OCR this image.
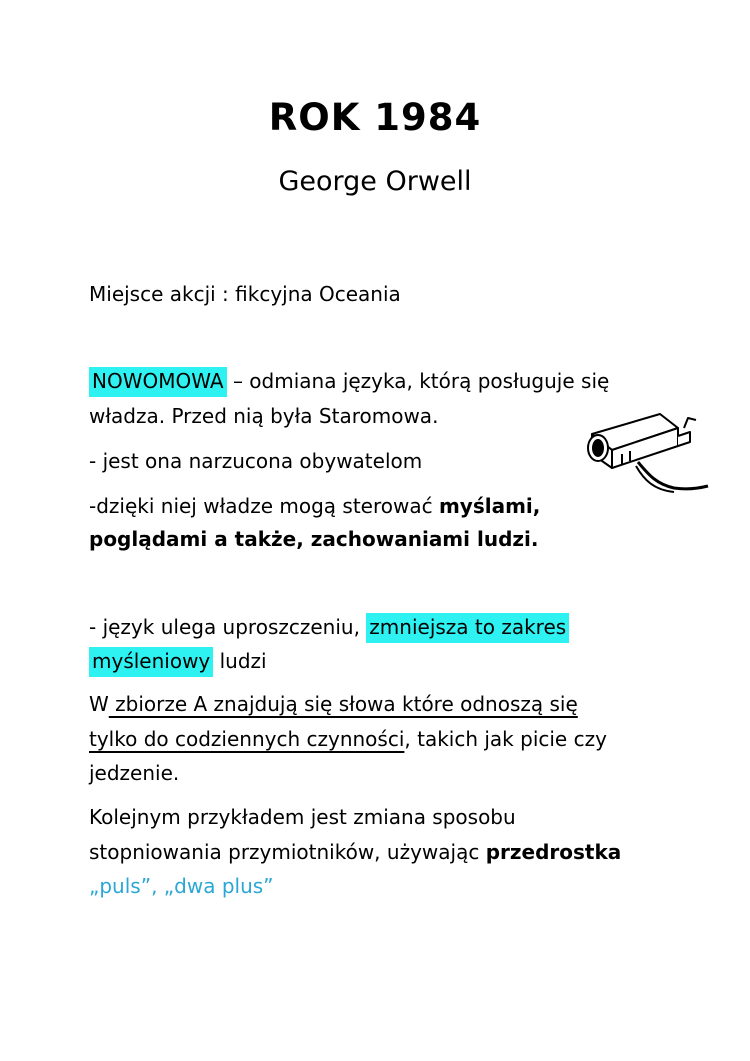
ROK 1984
George Orwell
Miejsce akcji : fikcyjna Oceania
NOWOMOWA – odmiana języka, którą posługuje się
władza. Przed nią była Staromowa.
- jest ona narzucona obywatelom
-dzięki niej władze mogą sterować myślami,
poglądami a także, zachowaniami ludzi.
- język ulega uproszczeniu, zmniejsza to zakres
myśleniowy ludzi
W zbiorze A znajdują się słowa które odnoszą się
tylko do codziennych czynności, takich jak picie czy
jedzenie.
Kolejnym przykładem jest zmiana sposobu
stopniowania przymiotników, używając przedrostka
„puls”, „dwa plus”
